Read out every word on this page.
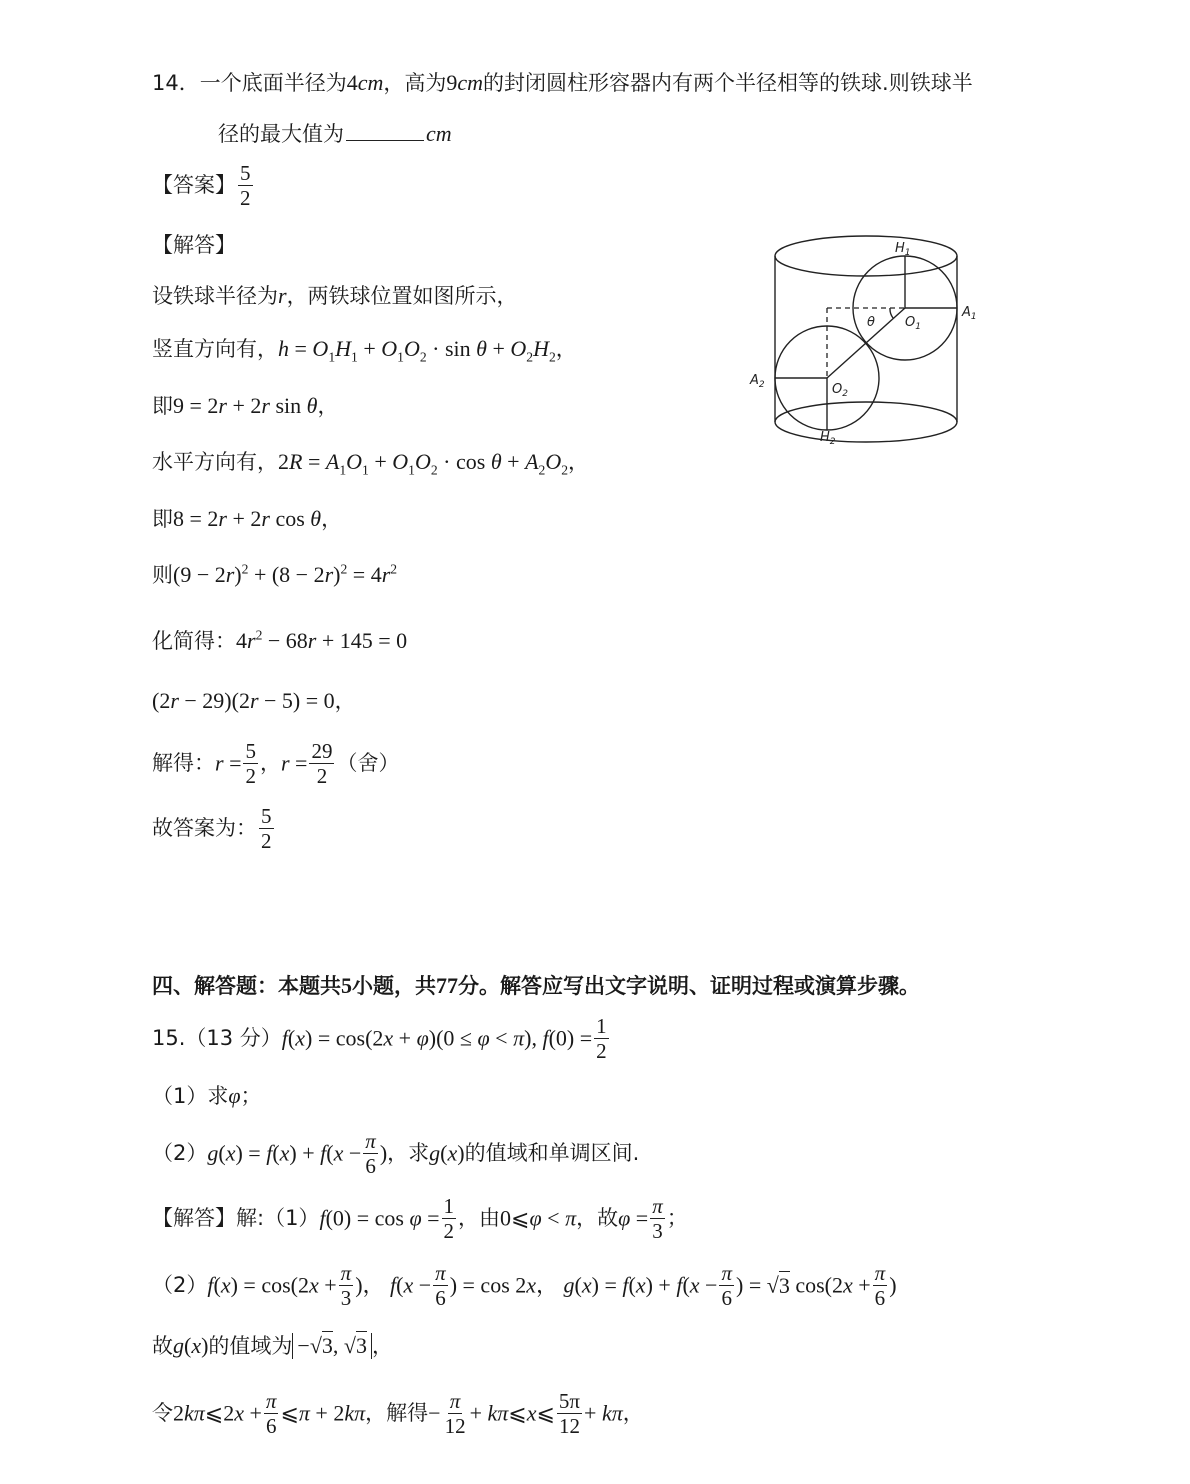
14．一个底面半径为4cm，高为9cm的封闭圆柱形容器内有两个半径相等的铁球.则铁球半
径的最大值为	cm
【答案】 $\frac{5}{2}$
【解答】
设铁球半径为r，两铁球位置如图所示，
竖直方向有，$h = O_1H_1 + O_1O_2 \cdot \sin \theta + O_2H_2$，
即9 = 2r + 2r sin θ，
水平方向有，$2R = A_1O_1 + O_1O_2 \cdot \cos \theta + A_2O_2$，
即8 = 2r + 2r cos θ，
则$(9 - 2r)^2 + (8 - 2r)^2 = 4r^2$
化简得：$4r^2 - 68r + 145 = 0$
(2r − 29)(2r − 5) = 0，
解得：$r = \frac{5}{2}$ ，$r = \frac{29}{2}$ （舍）
故答案为： $\frac{5}{2}$
$H_1$
$A_1$
$O_1$
θ
$A_2$	$O_2$
$H_2$
四、解答题：本题共5小题，共77分。解答应写出文字说明、证明过程或演算步骤。
15.（13 分）f(x) = cos(2x + φ)(0 ≤ φ < π), $f(0) = \frac{1}{2}$
（1）求φ；
$(2)g(x) = f(x) + f(x - \frac{\pi}{6}$ )，求g(x)的值域和单调区间.
【解答】解:（1）f(0) = $\cos \varphi = \frac{1}{2}$ ，由0⩽φ < π，故$\varphi = \frac{\pi}{3}$ ；
$(2)f(x) = \cos(2x + \frac{\pi}{3}$ )， $f(x - \frac{\pi}{6}$ ) = cos 2x， $g(x) = f(x) + f(x - \frac{\pi}{6}$ ) = √3 $\cos(2x + \frac{\pi}{6}$ )
故g(x)的值域为 −√3, √3 ，
令2kπ⩽2x + $\frac{\pi}{6}$ ⩽π + 2kπ，解得− $\frac{\pi}{12}$ + kπ⩽x⩽ $\frac{5\pi}{12} + k\pi$，
